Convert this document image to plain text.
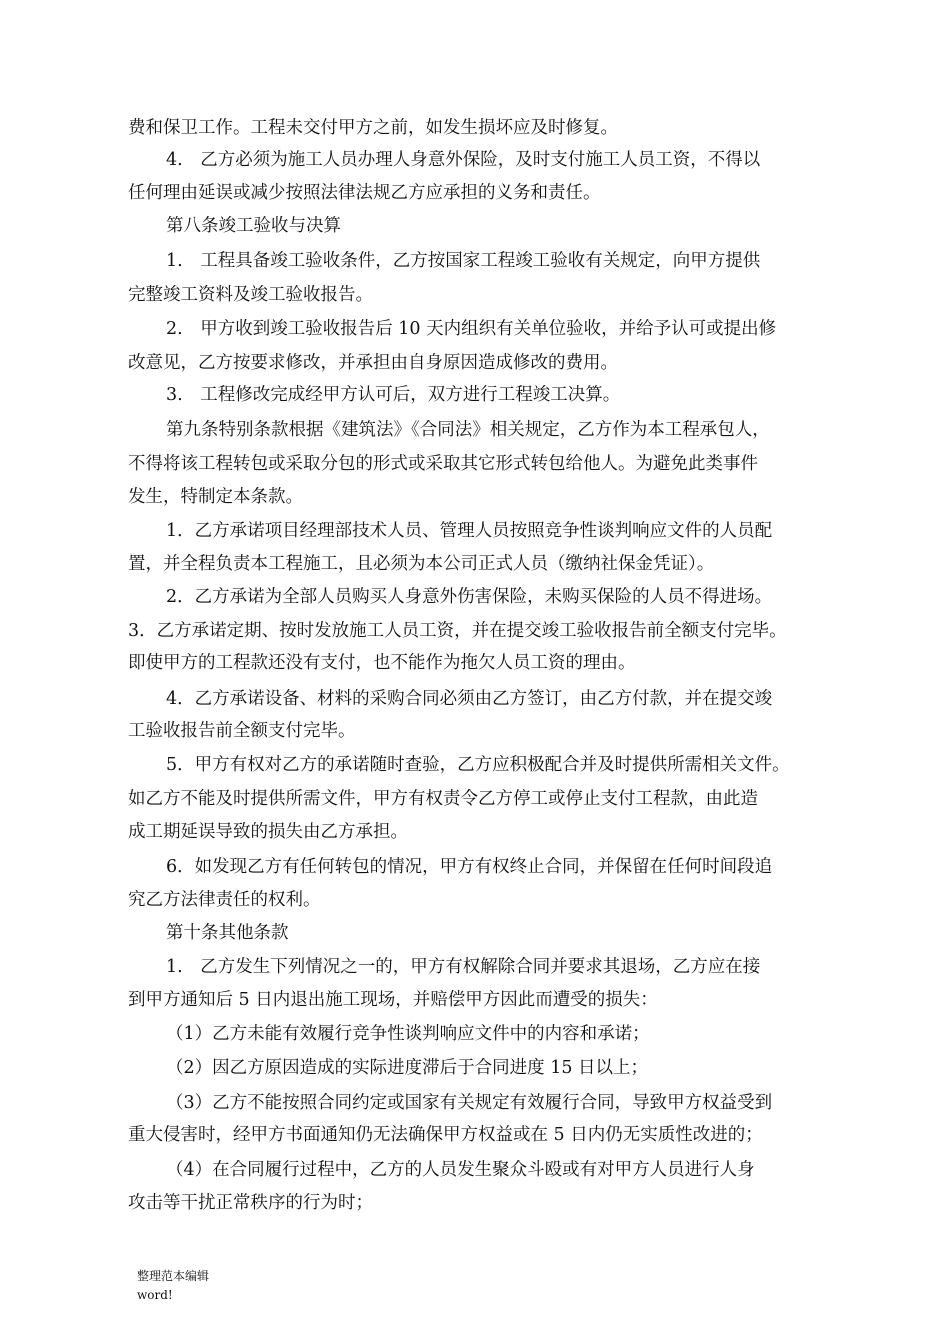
费和保卫工作。工程未交付甲方之前，如发生损坏应及时修复。
4.　乙方必须为施工人员办理人身意外保险，及时支付施工人员工资，不得以
任何理由延误或减少按照法律法规乙方应承担的义务和责任。
第八条竣工验收与决算
1.　工程具备竣工验收条件，乙方按国家工程竣工验收有关规定，向甲方提供
完整竣工资料及竣工验收报告。
2.　甲方收到竣工验收报告后 10 天内组织有关单位验收，并给予认可或提出修
改意见，乙方按要求修改，并承担由自身原因造成修改的费用。
3.　工程修改完成经甲方认可后，双方进行工程竣工决算。
第九条特别条款根据《建筑法》《合同法》相关规定，乙方作为本工程承包人，
不得将该工程转包或采取分包的形式或采取其它形式转包给他人。为避免此类事件
发生，特制定本条款。
1．乙方承诺项目经理部技术人员、管理人员按照竞争性谈判响应文件的人员配
置，并全程负责本工程施工，且必须为本公司正式人员（缴纳社保金凭证）。
2．乙方承诺为全部人员购买人身意外伤害保险，未购买保险的人员不得进场。
3．乙方承诺定期、按时发放施工人员工资，并在提交竣工验收报告前全额支付完毕。
即使甲方的工程款还没有支付，也不能作为拖欠人员工资的理由。
4．乙方承诺设备、材料的采购合同必须由乙方签订，由乙方付款，并在提交竣
工验收报告前全额支付完毕。
5．甲方有权对乙方的承诺随时查验，乙方应积极配合并及时提供所需相关文件。
如乙方不能及时提供所需文件，甲方有权责令乙方停工或停止支付工程款，由此造
成工期延误导致的损失由乙方承担。
6．如发现乙方有任何转包的情况，甲方有权终止合同，并保留在任何时间段追
究乙方法律责任的权利。
第十条其他条款
1.　乙方发生下列情况之一的，甲方有权解除合同并要求其退场，乙方应在接
到甲方通知后 5 日内退出施工现场，并赔偿甲方因此而遭受的损失：
（1）乙方未能有效履行竞争性谈判响应文件中的内容和承诺；
（2）因乙方原因造成的实际进度滞后于合同进度 15 日以上；
（3）乙方不能按照合同约定或国家有关规定有效履行合同，导致甲方权益受到
重大侵害时，经甲方书面通知仍无法确保甲方权益或在 5 日内仍无实质性改进的；
（4）在合同履行过程中，乙方的人员发生聚众斗殴或有对甲方人员进行人身
攻击等干扰正常秩序的行为时；
整理范本编辑
word!
